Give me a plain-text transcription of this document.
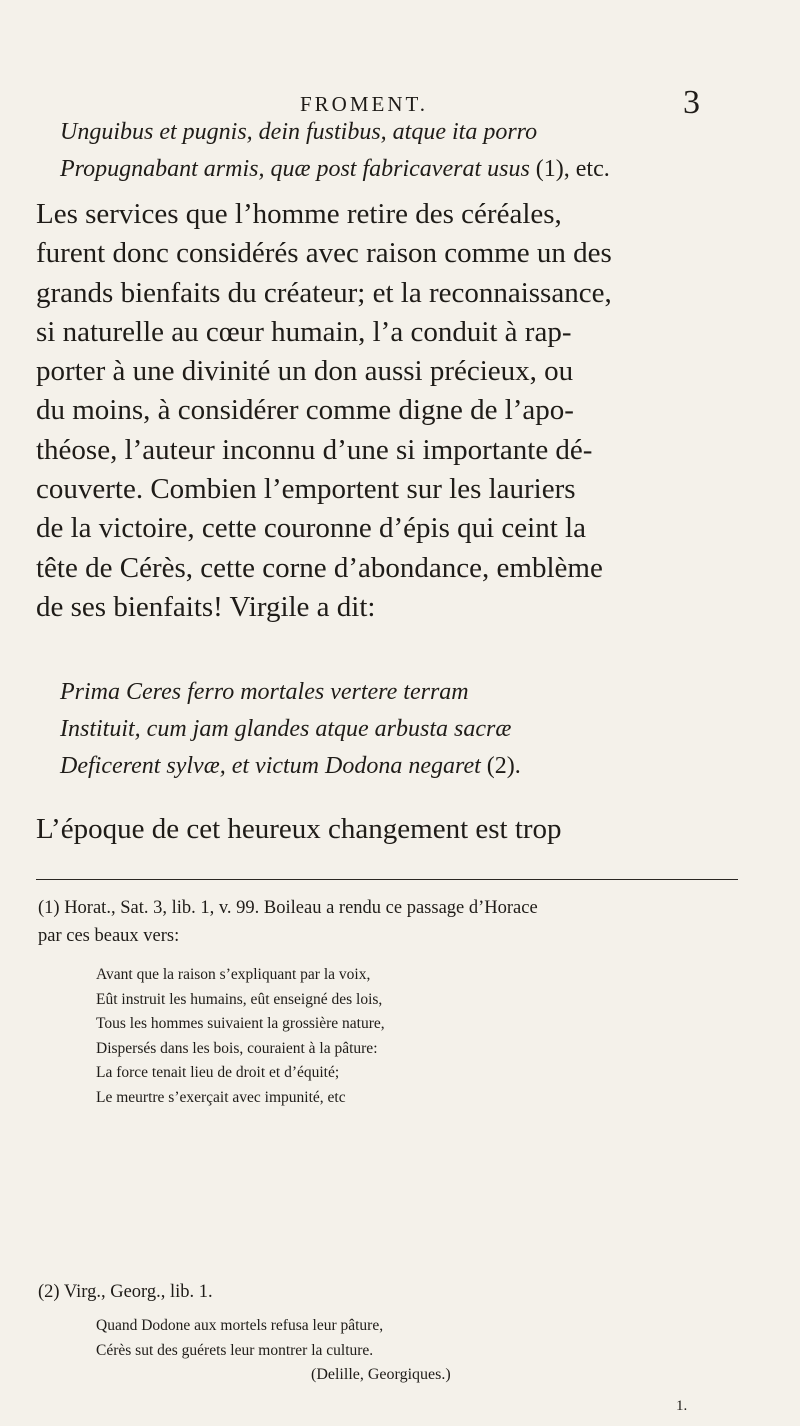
FROMENT.	3
Unguibus et pugnis, dein fustibus, atque ita porro
Propugnabant armis, quæ post fabricaverat usus (1), etc.
Les services que l’homme retire des céréales,
furent donc considérés avec raison comme un des
grands bienfaits du créateur; et la reconnaissance,
si naturelle au cœur humain, l’a conduit à rap-
porter à une divinité un don aussi précieux, ou
du moins, à considérer comme digne de l’apo-
théose, l’auteur inconnu d’une si importante dé-
couverte. Combien l’emportent sur les lauriers
de la victoire, cette couronne d’épis qui ceint la
tête de Cérès, cette corne d’abondance, emblème
de ses bienfaits! Virgile a dit:
Prima Ceres ferro mortales vertere terram
Instituit, cum jam glandes atque arbusta sacræ
Deficerent sylvæ, et victum Dodona negaret (2).
L’époque de cet heureux changement est trop
(1) Horat., Sat. 3, lib. 1, v. 99. Boileau a rendu ce passage d’Horace
par ces beaux vers:
Avant que la raison s’expliquant par la voix,
Eût instruit les humains, eût enseigné des lois,
Tous les hommes suivaient la grossière nature,
Dispersés dans les bois, couraient à la pâture:
La force tenait lieu de droit et d’équité;
Le meurtre s’exerçait avec impunité, etc
(2) Virg., Georg., lib. 1.
Quand Dodone aux mortels refusa leur pâture,
Cérès sut des guérets leur montrer la culture.
(Delille, Georgiques.)
1.
